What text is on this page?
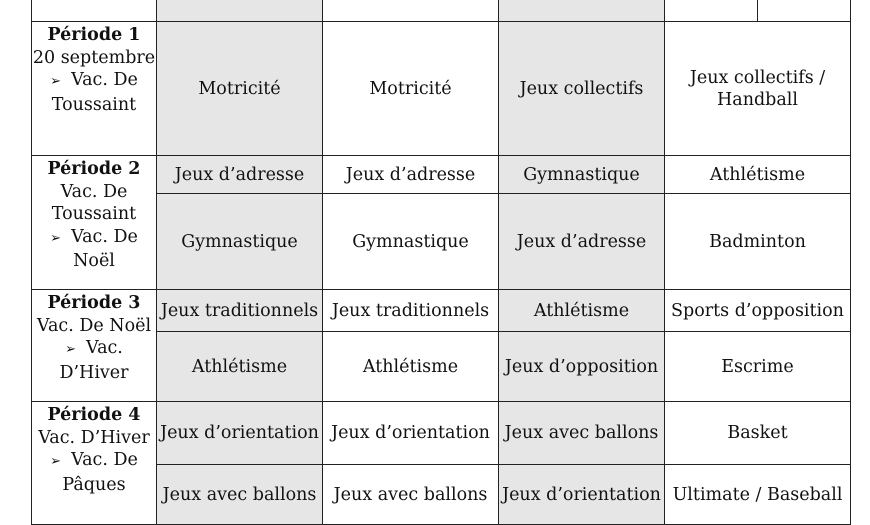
Période 1
20 septembre
➢ Vac. De Toussaint	Motricité	Motricité	Jeux collectifs	Jeux collectifs / Handball

Période 2
Vac. De Toussaint
➢ Vac. De Noël	Jeux d’adresse	Jeux d’adresse	Gymnastique	Athlétisme
	Gymnastique	Gymnastique	Jeux d’adresse	Badminton

Période 3
Vac. De Noël
➢ Vac. D’Hiver	Jeux traditionnels	Jeux traditionnels	Athlétisme	Sports d’opposition
	Athlétisme	Athlétisme	Jeux d’opposition	Escrime

Période 4
Vac. D’Hiver
➢ Vac. De Pâques	Jeux d’orientation	Jeux d’orientation	Jeux avec ballons	Basket
	Jeux avec ballons	Jeux avec ballons	Jeux d’orientation	Ultimate / Baseball
